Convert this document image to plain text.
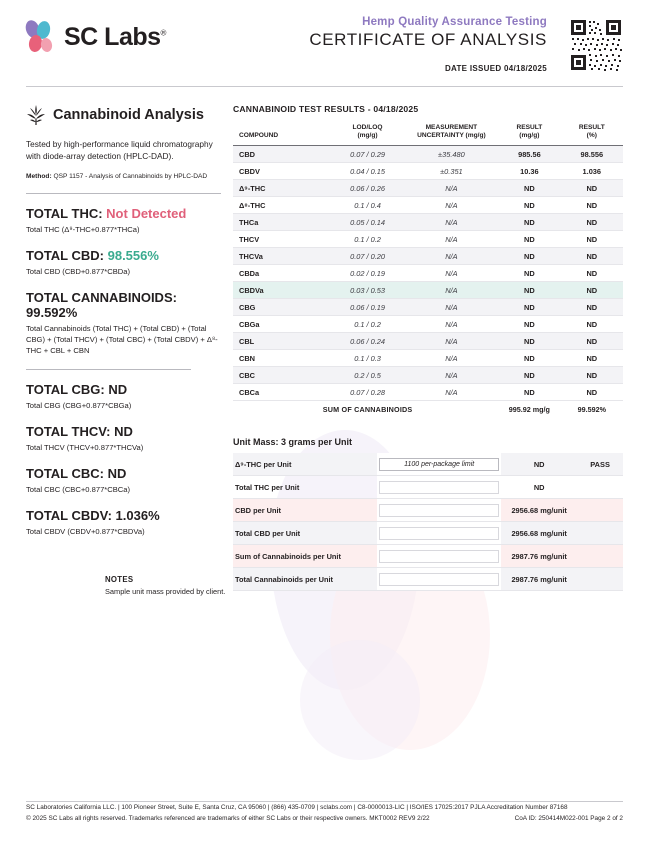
SC Labs®
Hemp Quality Assurance Testing
CERTIFICATE OF ANALYSIS
DATE ISSUED 04/18/2025
Cannabinoid Analysis
Tested by high-performance liquid chromatography with diode-array detection (HPLC-DAD).
Method: QSP 1157 - Analysis of Cannabinoids by HPLC-DAD
TOTAL THC: Not Detected
Total THC (Δ⁹-THC+0.877*THCa)
TOTAL CBD: 98.556%
Total CBD (CBD+0.877*CBDa)
TOTAL CANNABINOIDS: 99.592%
Total Cannabinoids (Total THC) + (Total CBD) + (Total CBG) + (Total THCV) + (Total CBC) + (Total CBDV) + Δ⁸-THC + CBL + CBN
TOTAL CBG: ND
Total CBG (CBG+0.877*CBGa)
TOTAL THCV: ND
Total THCV (THCV+0.877*THCVa)
TOTAL CBC: ND
Total CBC (CBC+0.877*CBCa)
TOTAL CBDV: 1.036%
Total CBDV (CBDV+0.877*CBDVa)
CANNABINOID TEST RESULTS - 04/18/2025
COMPOUND

LOD/LOQ
(mg/g)

MEASUREMENT
UNCERTAINTY (mg/g)

RESULT
(mg/g)

RESULT
(%)

CBD	0.07 / 0.29	±35.480	985.56	98.556
CBDV	0.04 / 0.15	±0.351	10.36	1.036
Δ⁹-THC	0.06 / 0.26	N/A	ND	ND
Δ⁸-THC	0.1 / 0.4	N/A	ND	ND
THCa	0.05 / 0.14	N/A	ND	ND
THCV	0.1 / 0.2	N/A	ND	ND
THCVa	0.07 / 0.20	N/A	ND	ND
CBDa	0.02 / 0.19	N/A	ND	ND
CBDVa	0.03 / 0.53	N/A	ND	ND
CBG	0.06 / 0.19	N/A	ND	ND
CBGa	0.1 / 0.2	N/A	ND	ND
CBL	0.06 / 0.24	N/A	ND	ND
CBN	0.1 / 0.3	N/A	ND	ND
CBC	0.2 / 0.5	N/A	ND	ND
CBCa	0.07 / 0.28	N/A	ND	ND
SUM OF CANNABINOIDS			995.92 mg/g	99.592%
Unit Mass: 3 grams per Unit
Δ⁹-THC per Unit	1100 per-package limit	ND	PASS
Total THC per Unit		ND	
CBD per Unit		2956.68 mg/unit	
Total CBD per Unit		2956.68 mg/unit	
Sum of Cannabinoids per Unit		2987.76 mg/unit	
Total Cannabinoids per Unit		2987.76 mg/unit	
NOTES
Sample unit mass provided by client.
SC Laboratories California LLC. | 100 Pioneer Street, Suite E, Santa Cruz, CA 95060 | (866) 435-0709 | sclabs.com | C8-0000013-LIC | ISO/IES 17025:2017 PJLA Accreditation Number 87168
© 2025 SC Labs all rights reserved. Trademarks referenced are trademarks of either SC Labs or their respective owners. MKT0002 REV9 2/22	CoA ID: 250414M022-001 Page 2 of 2
